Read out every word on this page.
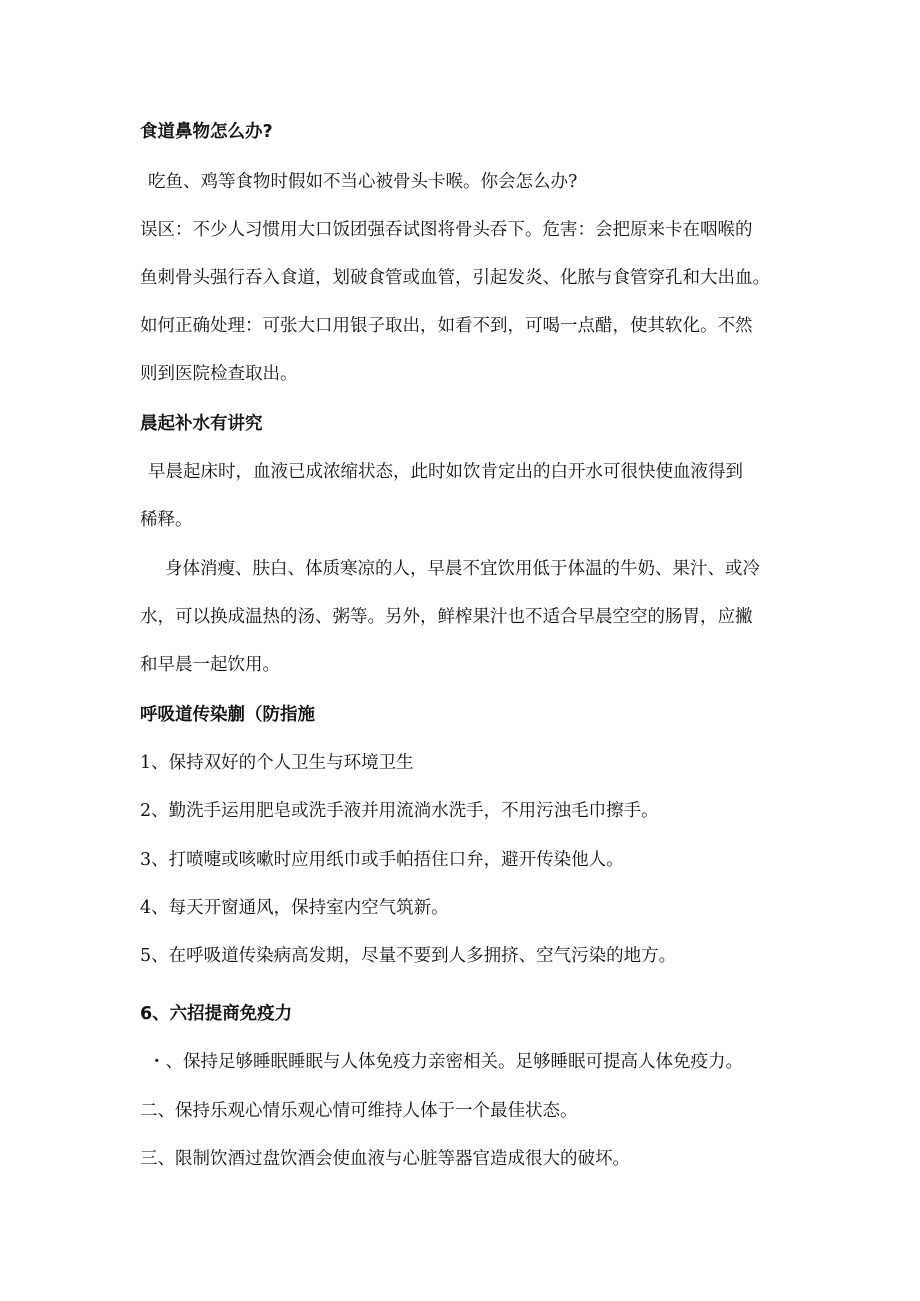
食道鼻物怎么办?
吃鱼、鸡等食物时假如不当心被骨头卡喉。你会怎么办?
误区：不少人习惯用大口饭团强吞试图将骨头吞下。危害：会把原来卡在咽喉的
鱼刺骨头强行吞入食道，划破食管或血管，引起发炎、化脓与食管穿孔和大出血。
如何正确处理：可张大口用银子取出，如看不到，可喝一点醋，使其软化。不然
则到医院检查取出。
晨起补水有讲究
早晨起床时，血液已成浓缩状态，此时如饮肯定出的白开水可很快使血液得到
稀释。
身体消瘦、肤白、体质寒凉的人，早晨不宜饮用低于体温的牛奶、果汁、或冷
水，可以换成温热的汤、粥等。另外，鲜榨果汁也不适合早晨空空的肠胃，应撇
和早晨一起饮用。
呼吸道传染蒯（防指施
1、保持双好的个人卫生与环境卫生
2、勤洗手运用肥皂或洗手液并用流淌水洗手，不用污浊毛巾擦手。
3、打喷嚏或咳嗽时应用纸巾或手帕捂住口弁，避开传染他人。
4、每天开窗通风，保持室内空气筑新。
5、在呼吸道传染病高发期，尽量不要到人多拥挤、空气污染的地方。
6、六招提商免疫力
・、保持足够睡眠睡眠与人体免疫力亲密相关。足够睡眠可提高人体免疫力。
二、保持乐观心情乐观心情可维持人体于一个最佳状态。
三、限制饮酒过盘饮酒会使血液与心脏等器官造成很大的破坏。
